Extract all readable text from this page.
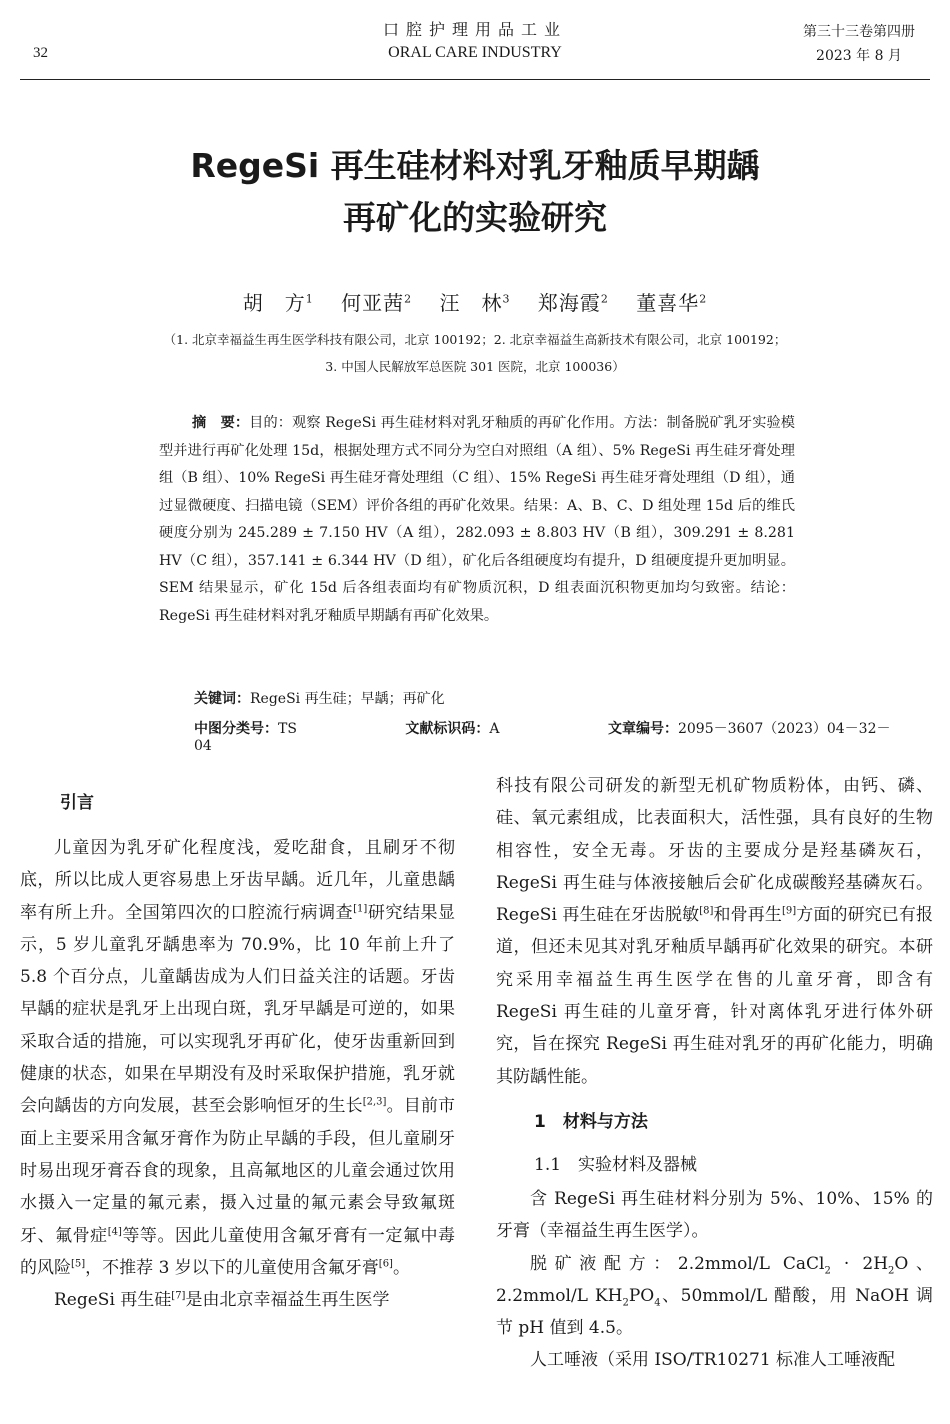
32
口腔护理用品工业
ORAL CARE INDUSTRY
第三十三卷第四册
2023 年 8 月
RegeSi 再生硅材料对乳牙釉质早期龋
再矿化的实验研究
胡　方$^1$ 何亚茜$^2$ 汪　林$^3$ 郑海霞$^2$ 董喜华$^2$
（1. 北京幸福益生再生医学科技有限公司，北京 100192；2. 北京幸福益生高新技术有限公司，北京 100192；
3. 中国人民解放军总医院 301 医院，北京 100036）
摘　要：目的：观察 RegeSi 再生硅材料对乳牙釉质的再矿化作用。方法：制备脱矿乳牙实验模型并进行再矿化处理 15d，根据处理方式不同分为空白对照组（A 组）、5% RegeSi 再生硅牙膏处理组（B 组）、10% RegeSi 再生硅牙膏处理组（C 组）、15% RegeSi 再生硅牙膏处理组（D 组），通过显微硬度、扫描电镜（SEM）评价各组的再矿化效果。结果：A、B、C、D 组处理 15d 后的维氏硬度分别为 245.289 ± 7.150 HV（A 组），282.093 ± 8.803 HV（B 组），309.291 ± 8.281 HV（C 组），357.141 ± 6.344 HV（D 组），矿化后各组硬度均有提升，D 组硬度提升更加明显。SEM 结果显示，矿化 15d 后各组表面均有矿物质沉积，D 组表面沉积物更加均匀致密。结论：RegeSi 再生硅材料对乳牙釉质早期龋有再矿化效果。
关键词：RegeSi 再生硅；早龋；再矿化
中图分类号：TS	文献标识码：A	文章编号：2095－3607（2023）04－32－04
引言

儿童因为乳牙矿化程度浅，爱吃甜食，且刷牙不彻底，所以比成人更容易患上牙齿早龋。近几年，儿童患龋率有所上升。全国第四次的口腔流行病调查[1]研究结果显示，5 岁儿童乳牙龋患率为 70.9%，比 10 年前上升了 5.8 个百分点，儿童龋齿成为人们日益关注的话题。牙齿早龋的症状是乳牙上出现白斑，乳牙早龋是可逆的，如果采取合适的措施，可以实现乳牙再矿化，使牙齿重新回到健康的状态，如果在早期没有及时采取保护措施，乳牙就会向龋齿的方向发展，甚至会影响恒牙的生长[2,3]。目前市面上主要采用含氟牙膏作为防止早龋的手段，但儿童刷牙时易出现牙膏吞食的现象，且高氟地区的儿童会通过饮用水摄入一定量的氟元素，摄入过量的氟元素会导致氟斑牙、氟骨症[4]等等。因此儿童使用含氟牙膏有一定氟中毒的风险[5]，不推荐 3 岁以下的儿童使用含氟牙膏[6]。

RegeSi 再生硅[7]是由北京幸福益生再生医学

科技有限公司研发的新型无机矿物质粉体，由钙、磷、硅、氧元素组成，比表面积大，活性强，具有良好的生物相容性，安全无毒。牙齿的主要成分是羟基磷灰石，RegeSi 再生硅与体液接触后会矿化成碳酸羟基磷灰石。RegeSi 再生硅在牙齿脱敏[8]和骨再生[9]方面的研究已有报道，但还未见其对乳牙釉质早龋再矿化效果的研究。本研究采用幸福益生再生医学在售的儿童牙膏，即含有 RegeSi 再生硅的儿童牙膏，针对离体乳牙进行体外研究，旨在探究 RegeSi 再生硅对乳牙的再矿化能力，明确其防龋性能。

1　材料与方法
1.1　实验材料及器械

含 RegeSi 再生硅材料分别为 5%、10%、15% 的牙膏（幸福益生再生医学）。

脱矿液配方：2.2mmol/L CaCl$_2$ · $2H_2O$、2.2mmol/L $KH_2PO_4$、50mmol/L 醋酸，用 NaOH 调节 pH 值到 4.5。

人工唾液（采用 ISO/TR10271 标准人工唾液配
